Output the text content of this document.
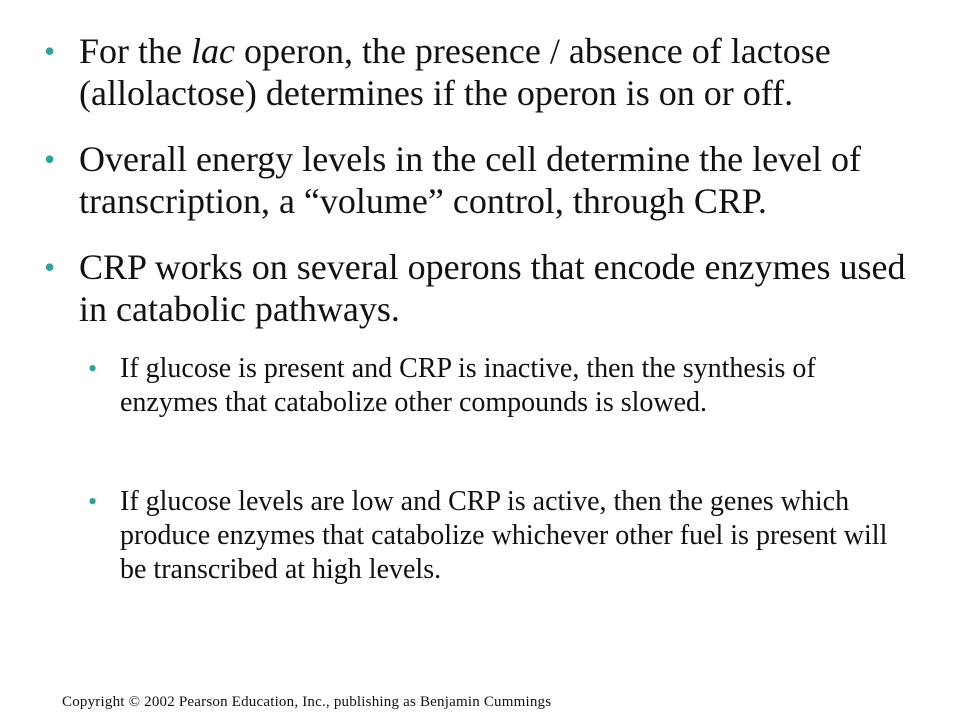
• For the lac operon, the presence / absence of lactose (allolactose) determines if the operon is on or off.
• Overall energy levels in the cell determine the level of transcription, a “volume” control, through CRP.
• CRP works on several operons that encode enzymes used in catabolic pathways.
• If glucose is present and CRP is inactive, then the synthesis of enzymes that catabolize other compounds is slowed.
• If glucose levels are low and CRP is active, then the genes which produce enzymes that catabolize whichever other fuel is present will be transcribed at high levels.
Copyright © 2002 Pearson Education, Inc., publishing as Benjamin Cummings
